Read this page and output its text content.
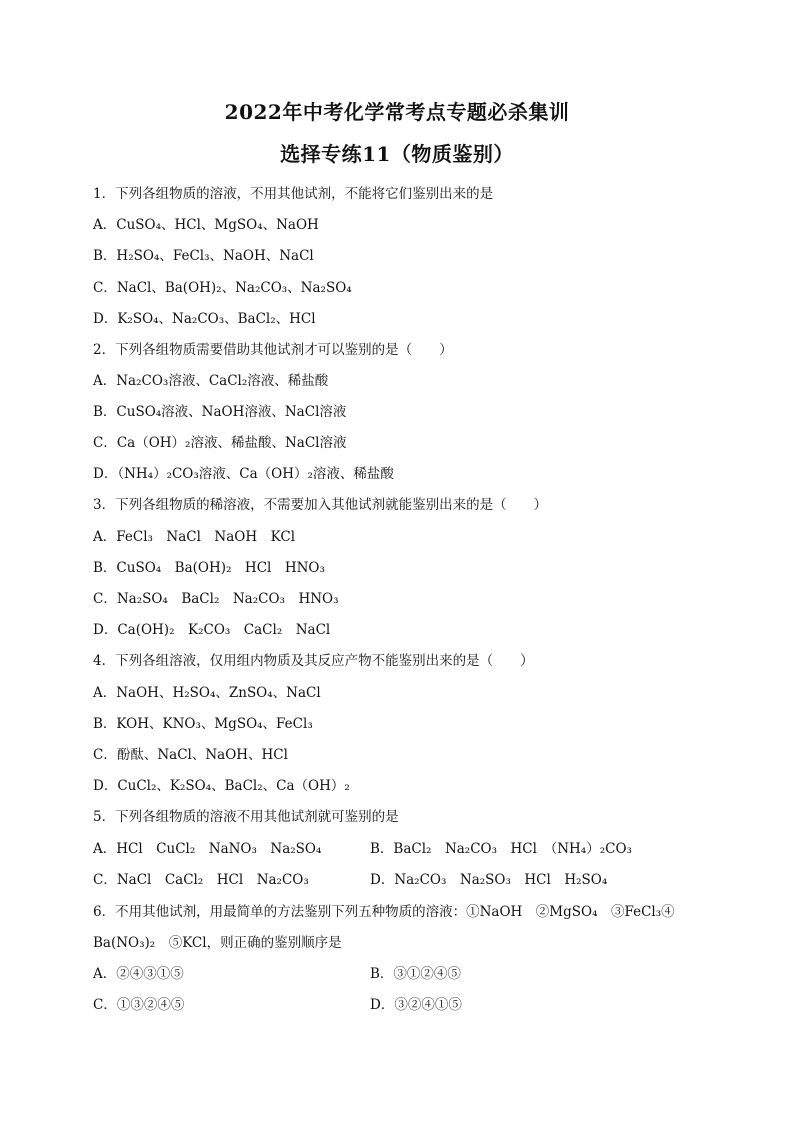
2022年中考化学常考点专题必杀集训
选择专练11（物质鉴别）
1．下列各组物质的溶液，不用其他试剂，不能将它们鉴别出来的是
A．CuSO₄、HCl、MgSO₄、NaOH
B．H₂SO₄、FeCl₃、NaOH、NaCl
C．NaCl、Ba(OH)₂、Na₂CO₃、Na₂SO₄
D．K₂SO₄、Na₂CO₃、BaCl₂、HCl
2．下列各组物质需要借助其他试剂才可以鉴别的是（　　）
A．Na₂CO₃溶液、CaCl₂溶液、稀盐酸
B．CuSO₄溶液、NaOH溶液、NaCl溶液
C．Ca（OH）₂溶液、稀盐酸、NaCl溶液
D．（NH₄）₂CO₃溶液、Ca（OH）₂溶液、稀盐酸
3．下列各组物质的稀溶液，不需要加入其他试剂就能鉴别出来的是（　　）
A．FeCl₃　NaCl　NaOH　KCl
B．CuSO₄　Ba(OH)₂　HCl　HNO₃
C．Na₂SO₄　BaCl₂　Na₂CO₃　HNO₃
D．Ca(OH)₂　K₂CO₃　CaCl₂　NaCl
4．下列各组溶液，仅用组内物质及其反应产物不能鉴别出来的是（　　）
A．NaOH、H₂SO₄、ZnSO₄、NaCl
B．KOH、KNO₃、MgSO₄、FeCl₃
C．酚酞、NaCl、NaOH、HCl
D．CuCl₂、K₂SO₄、BaCl₂、Ca（OH）₂
5．下列各组物质的溶液不用其他试剂就可鉴别的是
A．HCl　CuCl₂　NaNO₃　Na₂SO₄	B．BaCl₂　Na₂CO₃　HCl　（NH₄）₂CO₃
C．NaCl　CaCl₂　HCl　Na₂CO₃	D．Na₂CO₃　Na₂SO₃　HCl　H₂SO₄
6．不用其他试剂，用最简单的方法鉴别下列五种物质的溶液：①NaOH　②MgSO₄　③FeCl₃④
Ba(NO₃)₂　⑤KCl，则正确的鉴别顺序是
A．②④③①⑤	B．③①②④⑤
C．①③②④⑤	D．③②④①⑤
